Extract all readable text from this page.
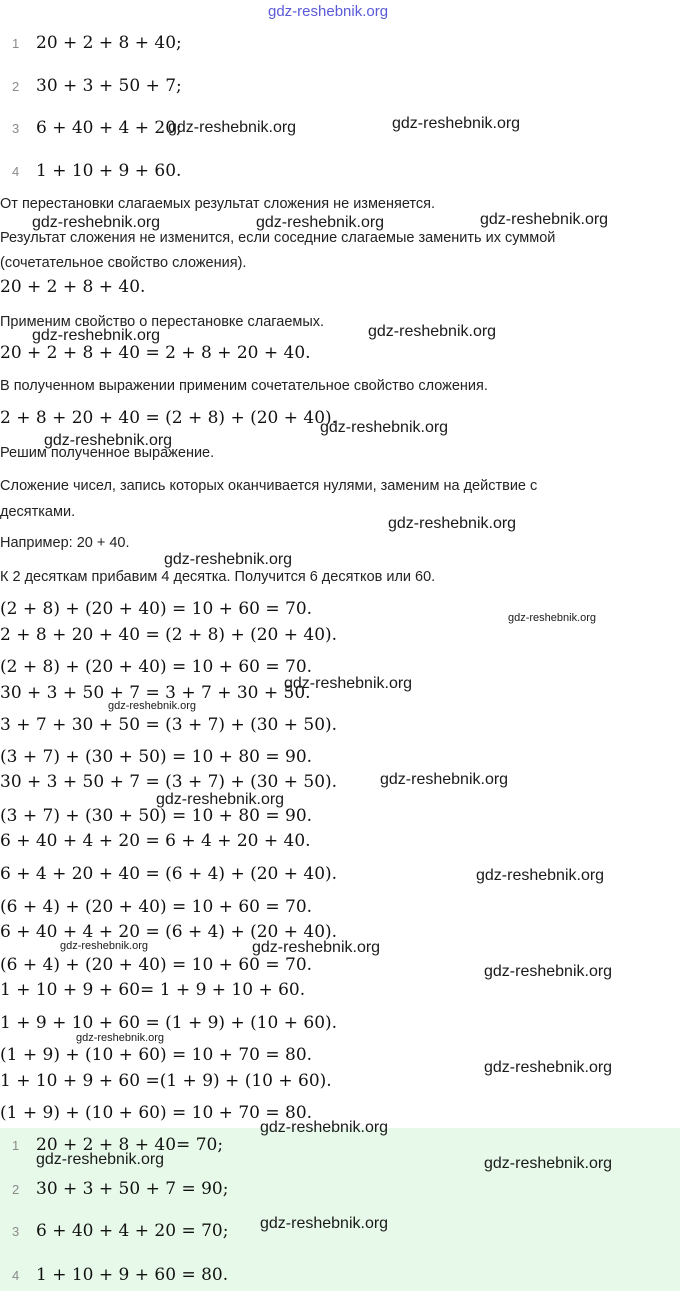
gdz-reshebnik.org
1 20 + 2 + 8 + 40;
2 30 + 3 + 50 + 7;
3 6 + 40 + 4 + 20;
4 1 + 10 + 9 + 60.
От перестановки слагаемых результат сложения не изменяется.
Результат сложения не изменится, если соседние слагаемые заменить их суммой
(сочетательное свойство сложения).
20 + 2 + 8 + 40.
Применим свойство о перестановке слагаемых.
20 + 2 + 8 + 40 = 2 + 8 + 20 + 40.
В полученном выражении применим сочетательное свойство сложения.
2 + 8 + 20 + 40 = (2 + 8) + (20 + 40).
Решим полученное выражение.
Сложение чисел, запись которых оканчивается нулями, заменим на действие с
десятками.
Например: 20 + 40.
К 2 десяткам прибавим 4 десятка. Получится 6 десятков или 60.
(2 + 8) + (20 + 40) = 10 + 60 = 70.
2 + 8 + 20 + 40 = (2 + 8) + (20 + 40).
(2 + 8) + (20 + 40) = 10 + 60 = 70.
30 + 3 + 50 + 7 = 3 + 7 + 30 + 50.
3 + 7 + 30 + 50 = (3 + 7) + (30 + 50).
(3 + 7) + (30 + 50) = 10 + 80 = 90.
30 + 3 + 50 + 7 = (3 + 7) + (30 + 50).
(3 + 7) + (30 + 50) = 10 + 80 = 90.
6 + 40 + 4 + 20 = 6 + 4 + 20 + 40.
6 + 4 + 20 + 40 = (6 + 4) + (20 + 40).
(6 + 4) + (20 + 40) = 10 + 60 = 70.
6 + 40 + 4 + 20 = (6 + 4) + (20 + 40).
(6 + 4) + (20 + 40) = 10 + 60 = 70.
1 + 10 + 9 + 60= 1 + 9 + 10 + 60.
1 + 9 + 10 + 60 = (1 + 9) + (10 + 60).
(1 + 9) + (10 + 60) = 10 + 70 = 80.
1 + 10 + 9 + 60 =(1 + 9) + (10 + 60).
(1 + 9) + (10 + 60) = 10 + 70 = 80.
1 20 + 2 + 8 + 40= 70;
2 30 + 3 + 50 + 7 = 90;
3 6 + 40 + 4 + 20 = 70;
4 1 + 10 + 9 + 60 = 80.
gdz-reshebnik.org	gdz-reshebnik.org
gdz-reshebnik.org	gdz-reshebnik.org	gdz-reshebnik.org
gdz-reshebnik.org
gdz-reshebnik.org
gdz-reshebnik.org
gdz-reshebnik.org
gdz-reshebnik.org
gdz-reshebnik.org
gdz-reshebnik.org
gdz-reshebnik.org
gdz-reshebnik.org
gdz-reshebnik.org
gdz-reshebnik.org
gdz-reshebnik.org
gdz-reshebnik.org	gdz-reshebnik.org
gdz-reshebnik.org
gdz-reshebnik.org
gdz-reshebnik.org
gdz-reshebnik.org
gdz-reshebnik.org	gdz-reshebnik.org
gdz-reshebnik.org
